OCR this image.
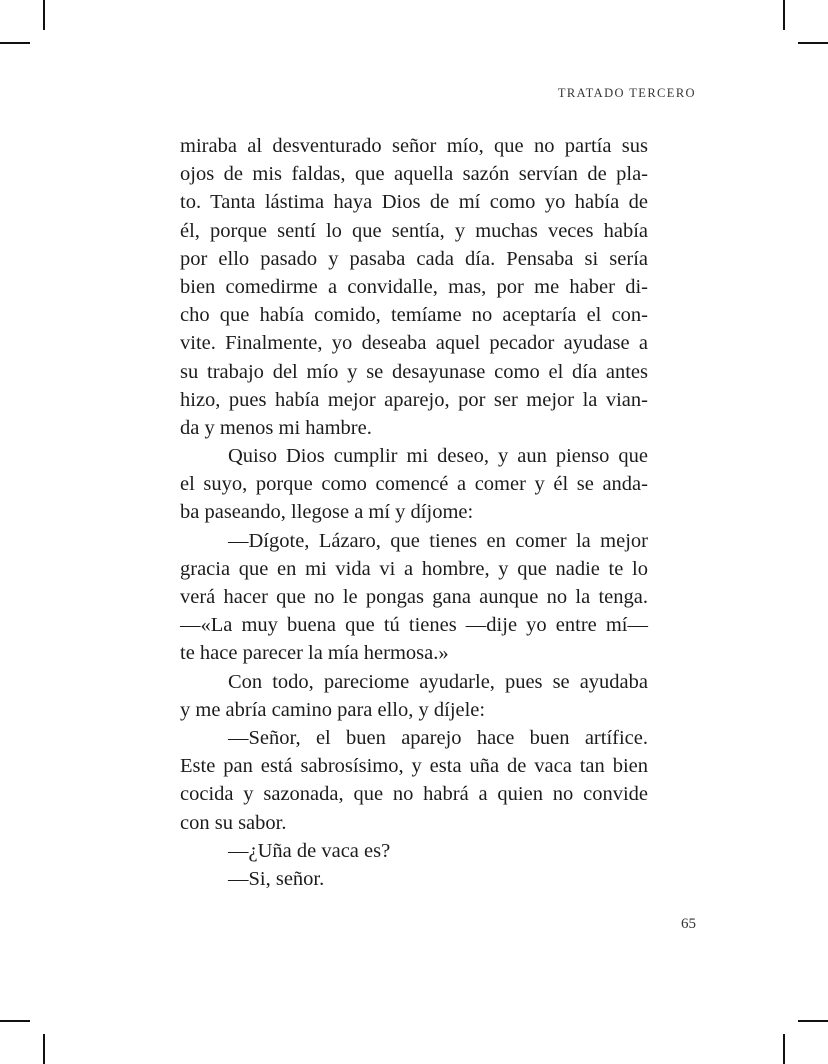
TRATADO TERCERO
miraba al desventurado señor mío, que no partía sus
ojos de mis faldas, que aquella sazón servían de pla-
to. Tanta lástima haya Dios de mí como yo había de
él, porque sentí lo que sentía, y muchas veces había
por ello pasado y pasaba cada día. Pensaba si sería
bien comedirme a convidalle, mas, por me haber di-
cho que había comido, temíame no aceptaría el con-
vite. Finalmente, yo deseaba aquel pecador ayudase a
su trabajo del mío y se desayunase como el día antes
hizo, pues había mejor aparejo, por ser mejor la vian-
da y menos mi hambre.
Quiso Dios cumplir mi deseo, y aun pienso que
el suyo, porque como comencé a comer y él se anda-
ba paseando, llegose a mí y díjome:
—Dígote, Lázaro, que tienes en comer la mejor
gracia que en mi vida vi a hombre, y que nadie te lo
verá hacer que no le pongas gana aunque no la tenga.
—«La muy buena que tú tienes —dije yo entre mí—
te hace parecer la mía hermosa.»
Con todo, pareciome ayudarle, pues se ayudaba
y me abría camino para ello, y díjele:
—Señor, el buen aparejo hace buen artífice.
Este pan está sabrosísimo, y esta uña de vaca tan bien
cocida y sazonada, que no habrá a quien no convide
con su sabor.
—¿Uña de vaca es?
—Si, señor.
65
